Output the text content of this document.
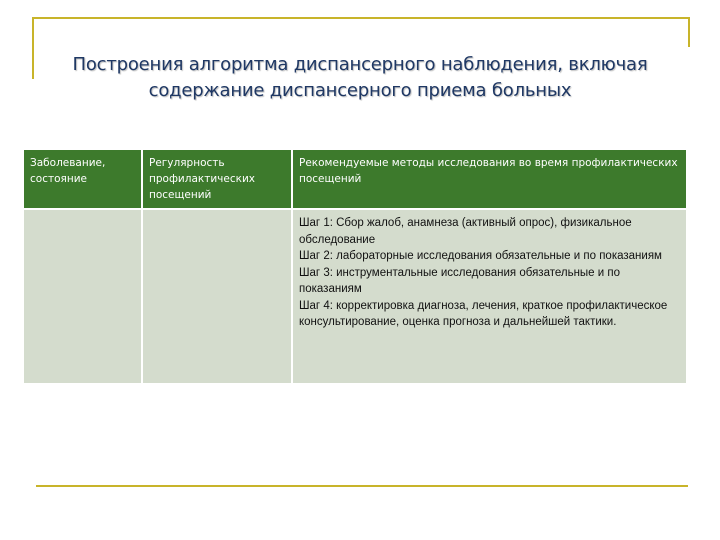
Построения алгоритма диспансерного наблюдения, включая
содержание диспансерного приема больных
Заболевание, состояние	Регулярность профилактических посещений	Рекомендуемые методы исследования во время профилактических посещений

		Шаг 1: Сбор жалоб, анамнеза (активный опрос), физикальное обследование
Шаг 2: лабораторные исследования обязательные и по показаниям
Шаг 3: инструментальные исследования обязательные и по показаниям
Шаг 4: корректировка диагноза, лечения, краткое профилактическое консультирование, оценка прогноза и дальнейшей тактики.
